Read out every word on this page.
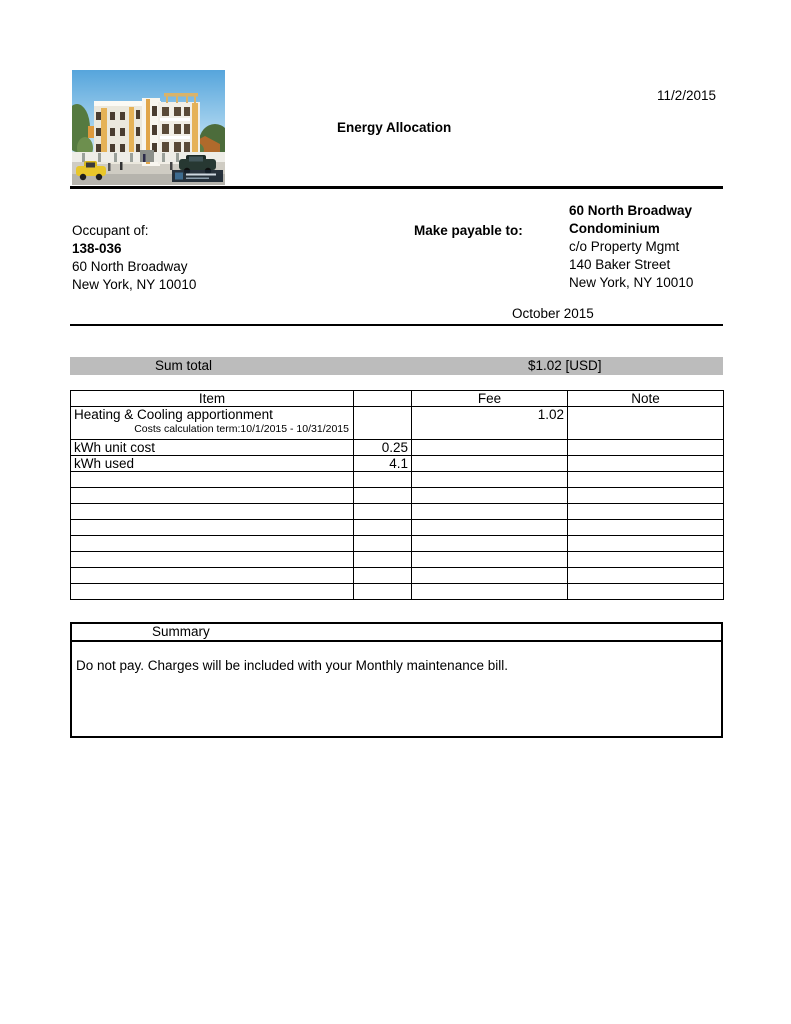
11/2/2015
Energy Allocation
Occupant of:
138-036
60 North Broadway
New York, NY 10010
Make payable to:
60 North Broadway
Condominium
c/o Property Mgmt
140 Baker Street
New York, NY 10010
October 2015
Sum total	$1.02 [USD]
Item		Fee	Note

Heating & Cooling apportionment
Costs calculation term:10/1/2015 - 10/31/2015		1.02	
kWh unit cost	0.25		
kWh used	4.1		

Summary
Do not pay. Charges will be included with your Monthly maintenance bill.
